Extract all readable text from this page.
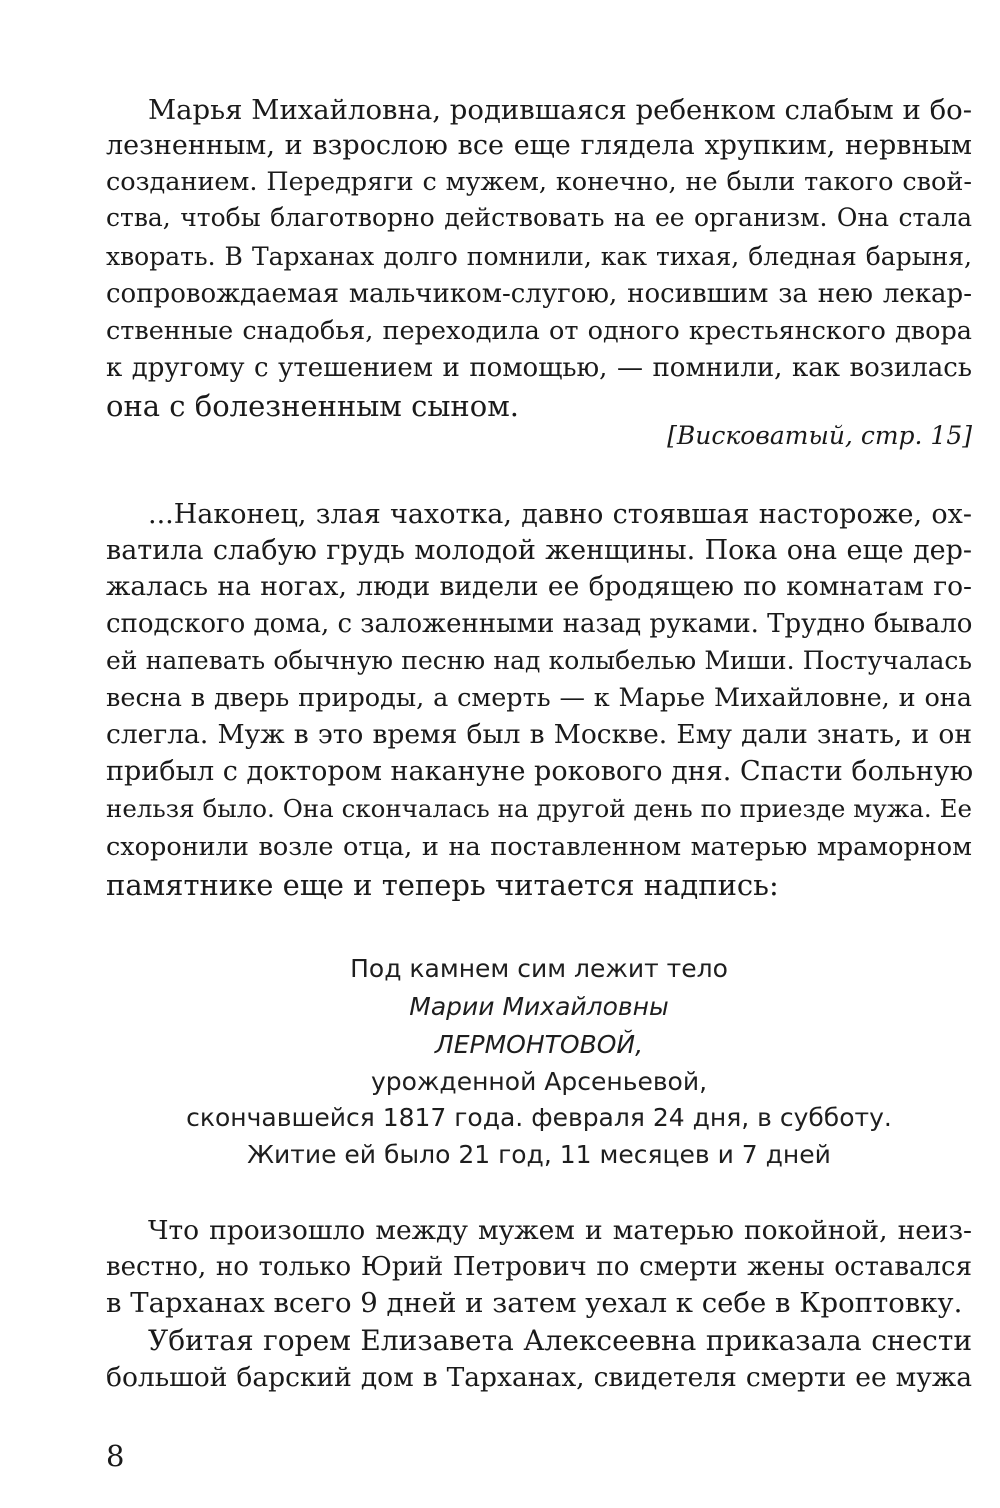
Марья Михайловна, родившаяся ребенком слабым и бо-

лезненным, и взрослою все еще глядела хрупким, нервным

созданием. Передряги с мужем, конечно, не были такого свой-

ства, чтобы благотворно действовать на ее организм. Она стала

хворать. В Тарханах долго помнили, как тихая, бледная барыня,

сопровождаемая мальчиком-слугою, носившим за нею лекар-

ственные снадобья, переходила от одного крестьянского двора

к другому с утешением и помощью, — помнили, как возилась

она с болезненным сыном.

[Висковатый, стр. 15]

...Наконец, злая чахотка, давно стоявшая настороже, ох-

ватила слабую грудь молодой женщины. Пока она еще дер-

жалась на ногах, люди видели ее бродящею по комнатам го-

сподского дома, с заложенными назад руками. Трудно бывало

ей напевать обычную песню над колыбелью Миши. Постучалась

весна в дверь природы, а смерть — к Марье Михайловне, и она

слегла. Муж в это время был в Москве. Ему дали знать, и он

прибыл с доктором накануне рокового дня. Спасти больную

нельзя было. Она скончалась на другой день по приезде мужа. Ее

схоронили возле отца, и на поставленном матерью мраморном

памятнике еще и теперь читается надпись:

Под камнем сим лежит тело
Марии Михайловны
ЛЕРМОНТОВОЙ,
урожденной Арсеньевой,
скончавшейся 1817 года. февраля 24 дня, в субботу.
Житие ей было 21 год, 11 месяцев и 7 дней

Что произошло между мужем и матерью покойной, неиз-

вестно, но только Юрий Петрович по смерти жены оставался

в Тарханах всего 9 дней и затем уехал к себе в Кроптовку.

Убитая горем Елизавета Алексеевна приказала снести

большой барский дом в Тарханах, свидетеля смерти ее мужа

8
